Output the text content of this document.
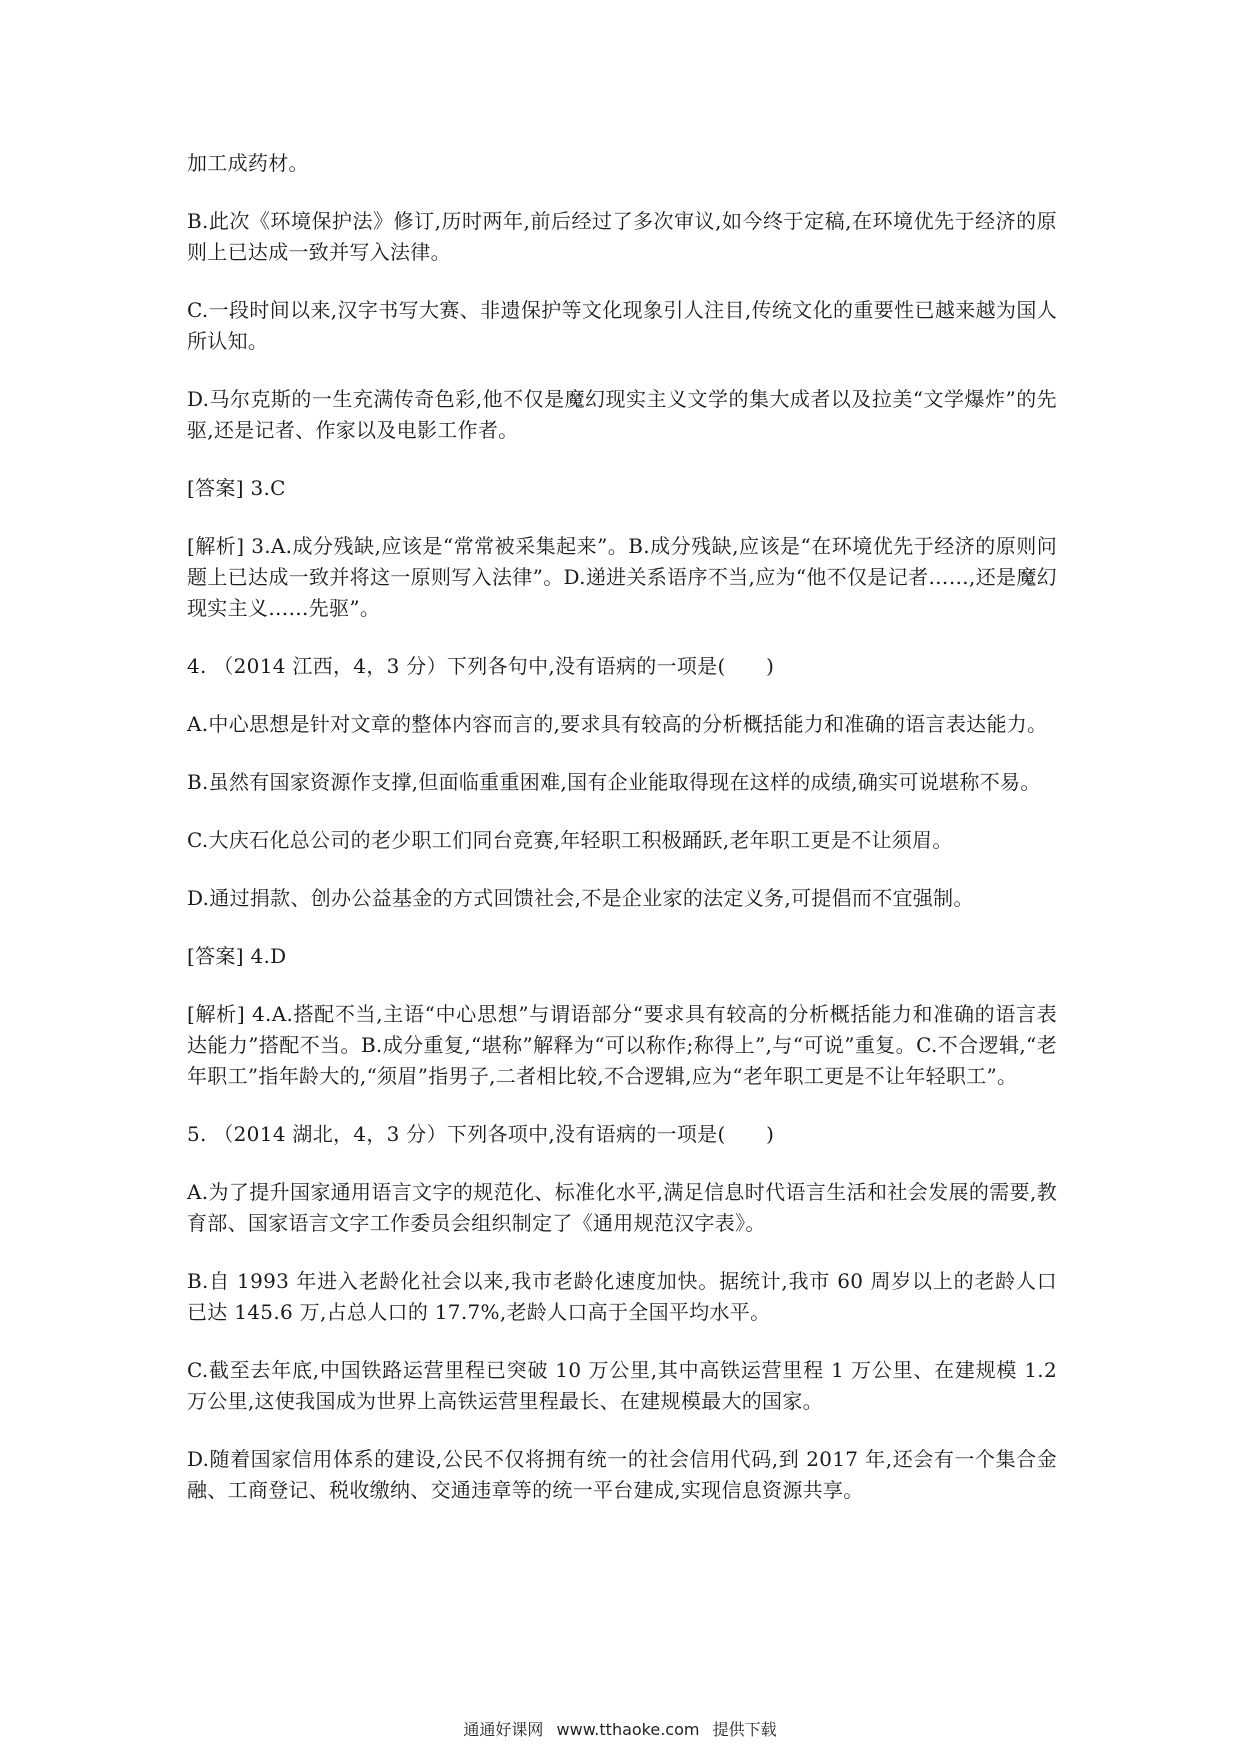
加工成药材。

B.此次《环境保护法》修订,历时两年,前后经过了多次审议,如今终于定稿,在环境优先于经济的原则上已达成一致并写入法律。

C.一段时间以来,汉字书写大赛、非遗保护等文化现象引人注目,传统文化的重要性已越来越为国人所认知。

D.马尔克斯的一生充满传奇色彩,他不仅是魔幻现实主义文学的集大成者以及拉美“文学爆炸”的先驱,还是记者、作家以及电影工作者。

[答案] 3.C

[解析] 3.A.成分残缺,应该是“常常被采集起来”。B.成分残缺,应该是“在环境优先于经济的原则问题上已达成一致并将这一原则写入法律”。D.递进关系语序不当,应为“他不仅是记者……,还是魔幻现实主义……先驱”。

4. （2014 江西，4，3 分）下列各句中,没有语病的一项是(　　)

A.中心思想是针对文章的整体内容而言的,要求具有较高的分析概括能力和准确的语言表达能力。

B.虽然有国家资源作支撑,但面临重重困难,国有企业能取得现在这样的成绩,确实可说堪称不易。

C.大庆石化总公司的老少职工们同台竞赛,年轻职工积极踊跃,老年职工更是不让须眉。

D.通过捐款、创办公益基金的方式回馈社会,不是企业家的法定义务,可提倡而不宜强制。

[答案] 4.D

[解析] 4.A.搭配不当,主语“中心思想”与谓语部分“要求具有较高的分析概括能力和准确的语言表达能力”搭配不当。B.成分重复,“堪称”解释为“可以称作;称得上”,与“可说”重复。C.不合逻辑,“老年职工”指年龄大的,“须眉”指男子,二者相比较,不合逻辑,应为“老年职工更是不让年轻职工”。

5. （2014 湖北，4，3 分）下列各项中,没有语病的一项是(　　)

A.为了提升国家通用语言文字的规范化、标准化水平,满足信息时代语言生活和社会发展的需要,教育部、国家语言文字工作委员会组织制定了《通用规范汉字表》。

B.自 1993 年进入老龄化社会以来,我市老龄化速度加快。据统计,我市 60 周岁以上的老龄人口已达 145.6 万,占总人口的 17.7%,老龄人口高于全国平均水平。

C.截至去年底,中国铁路运营里程已突破 10 万公里,其中高铁运营里程 1 万公里、在建规模 1.2 万公里,这使我国成为世界上高铁运营里程最长、在建规模最大的国家。

D.随着国家信用体系的建设,公民不仅将拥有统一的社会信用代码,到 2017 年,还会有一个集合金融、工商登记、税收缴纳、交通违章等的统一平台建成,实现信息资源共享。

通通好课网 www.tthaoke.com 提供下载
